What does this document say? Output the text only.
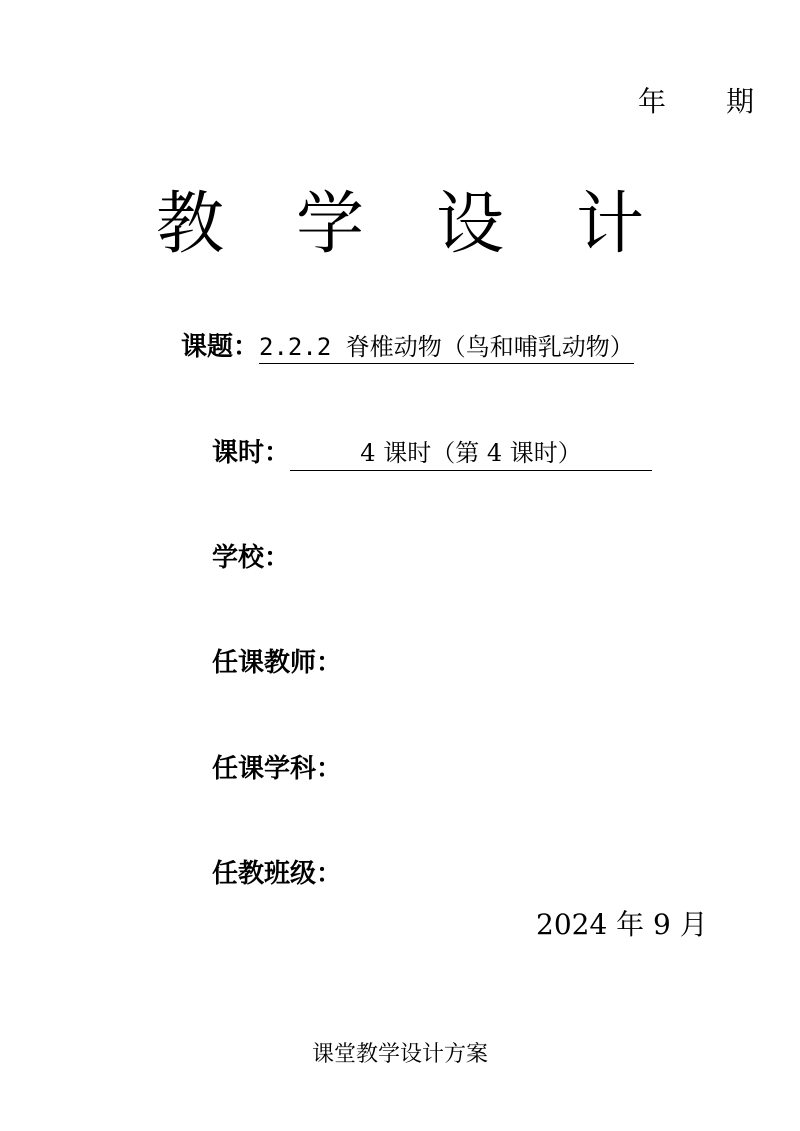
年 期
教 学 设 计
课题：2.2.2 脊椎动物（鸟和哺乳动物）
课时：	4 课时（第 4 课时）
学校：
任课教师：
任课学科：
任教班级：
2024 年 9 月
课堂教学设计方案
